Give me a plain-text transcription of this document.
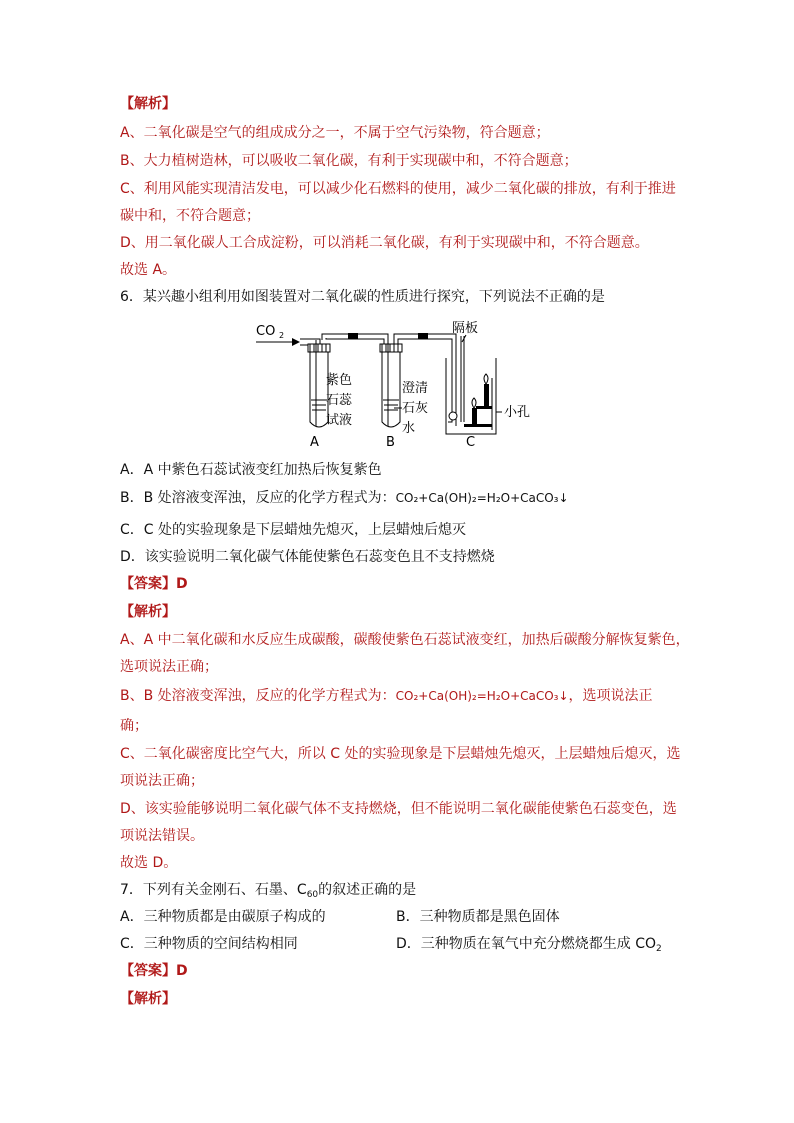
【解析】
A、二氧化碳是空气的组成成分之一，不属于空气污染物，符合题意；
B、大力植树造林，可以吸收二氧化碳，有利于实现碳中和，不符合题意；
C、利用风能实现清洁发电，可以减少化石燃料的使用，减少二氧化碳的排放，有利于推进
碳中和，不符合题意；
D、用二氧化碳人工合成淀粉，可以消耗二氧化碳，有利于实现碳中和，不符合题意。
故选 A。
6．某兴趣小组利用如图装置对二氧化碳的性质进行探究，下列说法不正确的是
CO 2	隔板
紫色
石蕊
试液
澄清
石灰
水
小孔
A	B	C
A．A 中紫色石蕊试液变红加热后恢复紫色
B．B 处溶液变浑浊，反应的化学方程式为：CO₂+Ca(OH)₂=H₂O+CaCO₃↓
C．C 处的实验现象是下层蜡烛先熄灭，上层蜡烛后熄灭
D．该实验说明二氧化碳气体能使紫色石蕊变色且不支持燃烧
【答案】D
【解析】
A、A 中二氧化碳和水反应生成碳酸，碳酸使紫色石蕊试液变红，加热后碳酸分解恢复紫色，
选项说法正确；
B、B 处溶液变浑浊，反应的化学方程式为：CO₂+Ca(OH)₂=H₂O+CaCO₃↓，选项说法正
确；
C、二氧化碳密度比空气大，所以 C 处的实验现象是下层蜡烛先熄灭，上层蜡烛后熄灭，选
项说法正确；
D、该实验能够说明二氧化碳气体不支持燃烧，但不能说明二氧化碳能使紫色石蕊变色，选
项说法错误。
故选 D。
7．下列有关金刚石、石墨、$C_{60}$的叙述正确的是
A．三种物质都是由碳原子构成的	B．三种物质都是黑色固体
C．三种物质的空间结构相同	D．三种物质在氧气中充分燃烧都生成 $CO_2$
【答案】D
【解析】
